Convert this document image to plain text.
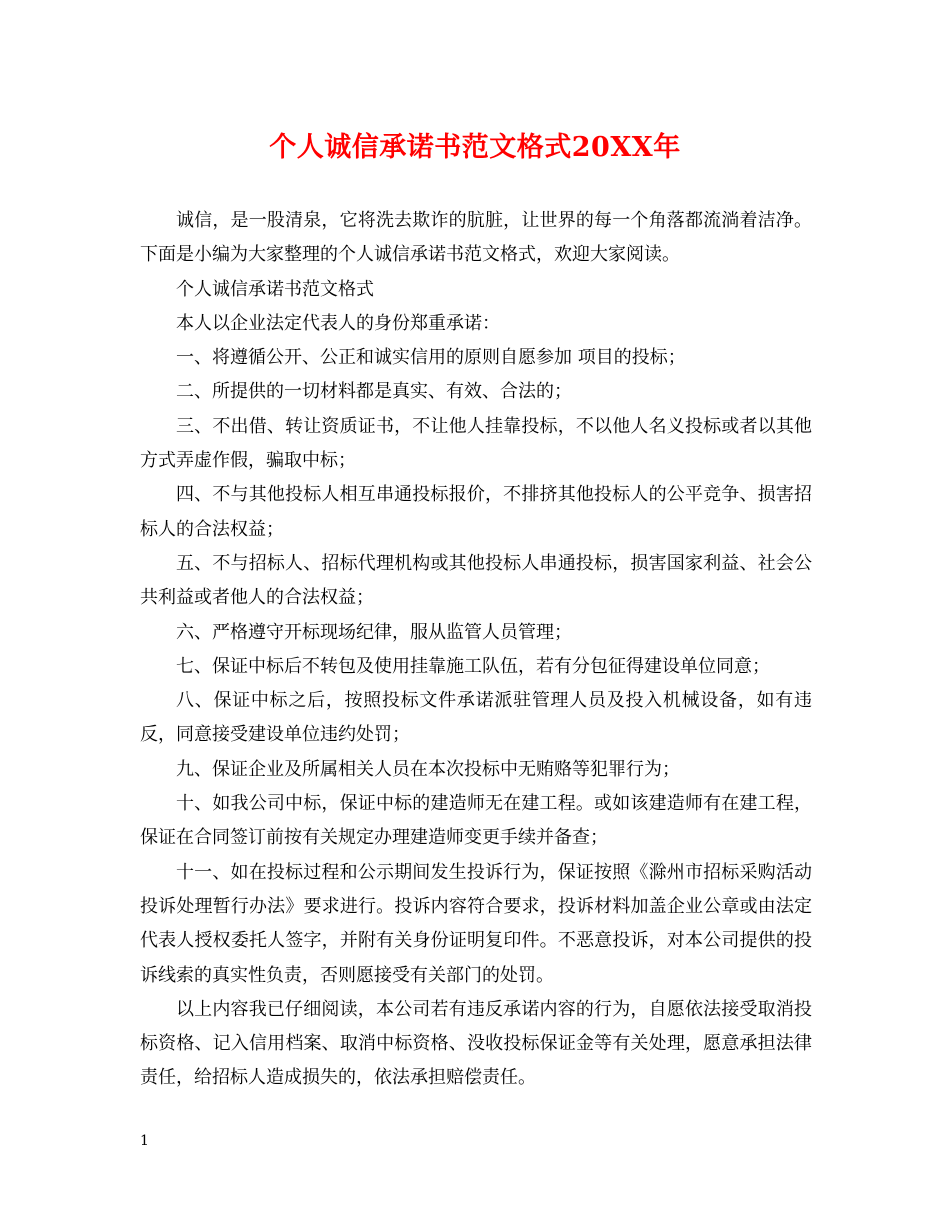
个人诚信承诺书范文格式20XX年

诚信，是一股清泉，它将洗去欺诈的肮脏，让世界的每一个角落都流淌着洁净。下面是小编为大家整理的个人诚信承诺书范文格式，欢迎大家阅读。

个人诚信承诺书范文格式

本人以企业法定代表人的身份郑重承诺：

一、将遵循公开、公正和诚实信用的原则自愿参加 项目的投标；

二、所提供的一切材料都是真实、有效、合法的；

三、不出借、转让资质证书，不让他人挂靠投标，不以他人名义投标或者以其他方式弄虚作假，骗取中标；

四、不与其他投标人相互串通投标报价，不排挤其他投标人的公平竞争、损害招标人的合法权益；

五、不与招标人、招标代理机构或其他投标人串通投标，损害国家利益、社会公共利益或者他人的合法权益；

六、严格遵守开标现场纪律，服从监管人员管理；

七、保证中标后不转包及使用挂靠施工队伍，若有分包征得建设单位同意；

八、保证中标之后，按照投标文件承诺派驻管理人员及投入机械设备，如有违反，同意接受建设单位违约处罚；

九、保证企业及所属相关人员在本次投标中无贿赂等犯罪行为；

十、如我公司中标，保证中标的建造师无在建工程。或如该建造师有在建工程，保证在合同签订前按有关规定办理建造师变更手续并备查；

十一、如在投标过程和公示期间发生投诉行为，保证按照《滁州市招标采购活动投诉处理暂行办法》要求进行。投诉内容符合要求，投诉材料加盖企业公章或由法定代表人授权委托人签字，并附有关身份证明复印件。不恶意投诉，对本公司提供的投诉线索的真实性负责，否则愿接受有关部门的处罚。

以上内容我已仔细阅读，本公司若有违反承诺内容的行为，自愿依法接受取消投标资格、记入信用档案、取消中标资格、没收投标保证金等有关处理，愿意承担法律责任，给招标人造成损失的，依法承担赔偿责任。

1
